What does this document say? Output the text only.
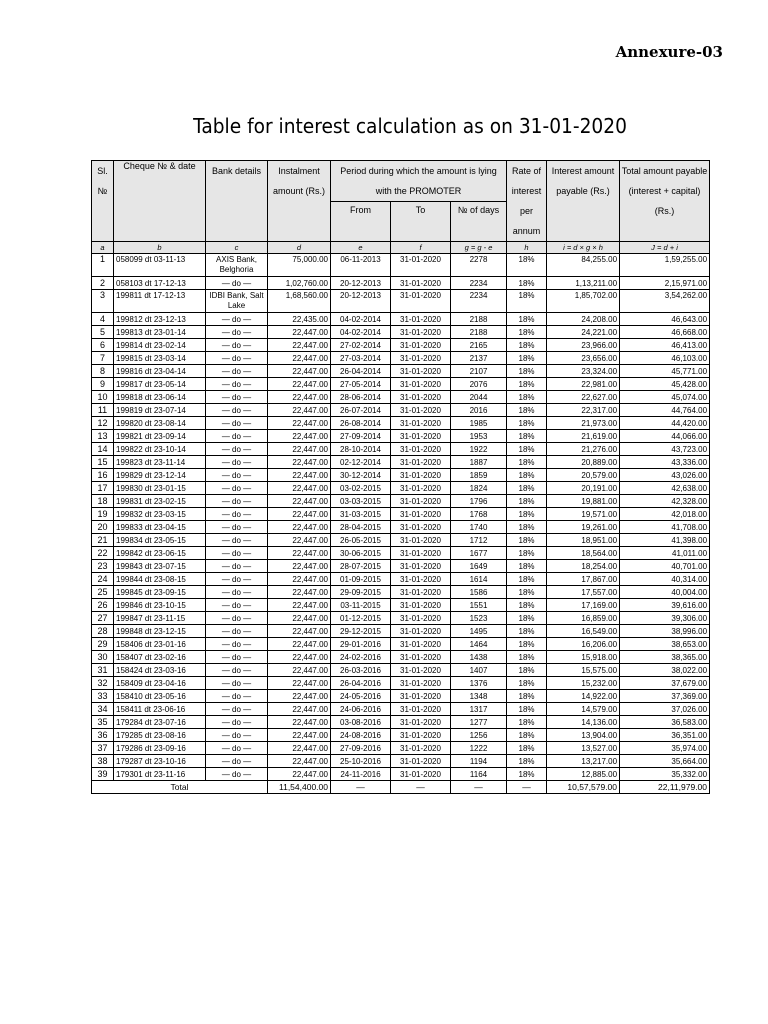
Annexure-03
Table for interest calculation as on 31-01-2020
Sl. №	Cheque № & date	Bank details	Instalment amount (Rs.)	Period during which the amount is lying with the PROMOTER			Rate of interest per annum	Interest amount payable (Rs.)	Total amount payable (interest + capital) (Rs.)

				From	To	№ of days			

a	b	c	d	e	f	g = g - e	h	i = d × g × h	J = d + i
1	058099 dt 03-11-13	AXIS Bank, Belghoria	75,000.00	06-11-2013	31-01-2020	2278	18%	84,255.00	1,59,255.00
2	058103 dt 17-12-13	— do —	1,02,760.00	20-12-2013	31-01-2020	2234	18%	1,13,211.00	2,15,971.00
3	199811 dt 17-12-13	IDBI Bank, Salt Lake	1,68,560.00	20-12-2013	31-01-2020	2234	18%	1,85,702.00	3,54,262.00
4	199812 dt 23-12-13	— do —	22,435.00	04-02-2014	31-01-2020	2188	18%	24,208.00	46,643.00
5	199813 dt 23-01-14	— do —	22,447.00	04-02-2014	31-01-2020	2188	18%	24,221.00	46,668.00
6	199814 dt 23-02-14	— do —	22,447.00	27-02-2014	31-01-2020	2165	18%	23,966.00	46,413.00
7	199815 dt 23-03-14	— do —	22,447.00	27-03-2014	31-01-2020	2137	18%	23,656.00	46,103.00
8	199816 dt 23-04-14	— do —	22,447.00	26-04-2014	31-01-2020	2107	18%	23,324.00	45,771.00
9	199817 dt 23-05-14	— do —	22,447.00	27-05-2014	31-01-2020	2076	18%	22,981.00	45,428.00
10	199818 dt 23-06-14	— do —	22,447.00	28-06-2014	31-01-2020	2044	18%	22,627.00	45,074.00
11	199819 dt 23-07-14	— do —	22,447.00	26-07-2014	31-01-2020	2016	18%	22,317.00	44,764.00
12	199820 dt 23-08-14	— do —	22,447.00	26-08-2014	31-01-2020	1985	18%	21,973.00	44,420.00
13	199821 dt 23-09-14	— do —	22,447.00	27-09-2014	31-01-2020	1953	18%	21,619.00	44,066.00
14	199822 dt 23-10-14	— do —	22,447.00	28-10-2014	31-01-2020	1922	18%	21,276.00	43,723.00
15	199823 dt 23-11-14	— do —	22,447.00	02-12-2014	31-01-2020	1887	18%	20,889.00	43,336.00
16	199829 dt 23-12-14	— do —	22,447.00	30-12-2014	31-01-2020	1859	18%	20,579.00	43,026.00
17	199830 dt 23-01-15	— do —	22,447.00	03-02-2015	31-01-2020	1824	18%	20,191.00	42,638.00
18	199831 dt 23-02-15	— do —	22,447.00	03-03-2015	31-01-2020	1796	18%	19,881.00	42,328.00
19	199832 dt 23-03-15	— do —	22,447.00	31-03-2015	31-01-2020	1768	18%	19,571.00	42,018.00
20	199833 dt 23-04-15	— do —	22,447.00	28-04-2015	31-01-2020	1740	18%	19,261.00	41,708.00
21	199834 dt 23-05-15	— do —	22,447.00	26-05-2015	31-01-2020	1712	18%	18,951.00	41,398.00
22	199842 dt 23-06-15	— do —	22,447.00	30-06-2015	31-01-2020	1677	18%	18,564.00	41,011.00
23	199843 dt 23-07-15	— do —	22,447.00	28-07-2015	31-01-2020	1649	18%	18,254.00	40,701.00
24	199844 dt 23-08-15	— do —	22,447.00	01-09-2015	31-01-2020	1614	18%	17,867.00	40,314.00
25	199845 dt 23-09-15	— do —	22,447.00	29-09-2015	31-01-2020	1586	18%	17,557.00	40,004.00
26	199846 dt 23-10-15	— do —	22,447.00	03-11-2015	31-01-2020	1551	18%	17,169.00	39,616.00
27	199847 dt 23-11-15	— do —	22,447.00	01-12-2015	31-01-2020	1523	18%	16,859.00	39,306.00
28	199848 dt 23-12-15	— do —	22,447.00	29-12-2015	31-01-2020	1495	18%	16,549.00	38,996.00
29	158406 dt 23-01-16	— do —	22,447.00	29-01-2016	31-01-2020	1464	18%	16,206.00	38,653.00
30	158407 dt 23-02-16	— do —	22,447.00	24-02-2016	31-01-2020	1438	18%	15,918.00	38,365.00
31	158424 dt 23-03-16	— do —	22,447.00	26-03-2016	31-01-2020	1407	18%	15,575.00	38,022.00
32	158409 dt 23-04-16	— do —	22,447.00	26-04-2016	31-01-2020	1376	18%	15,232.00	37,679.00
33	158410 dt 23-05-16	— do —	22,447.00	24-05-2016	31-01-2020	1348	18%	14,922.00	37,369.00
34	158411 dt 23-06-16	— do —	22,447.00	24-06-2016	31-01-2020	1317	18%	14,579.00	37,026.00
35	179284 dt 23-07-16	— do —	22,447.00	03-08-2016	31-01-2020	1277	18%	14,136.00	36,583.00
36	179285 dt 23-08-16	— do —	22,447.00	24-08-2016	31-01-2020	1256	18%	13,904.00	36,351.00
37	179286 dt 23-09-16	— do —	22,447.00	27-09-2016	31-01-2020	1222	18%	13,527.00	35,974.00
38	179287 dt 23-10-16	— do —	22,447.00	25-10-2016	31-01-2020	1194	18%	13,217.00	35,664.00
39	179301 dt 23-11-16	— do —	22,447.00	24-11-2016	31-01-2020	1164	18%	12,885.00	35,332.00
Total			11,54,400.00	—	—	—	—	10,57,579.00	22,11,979.00
